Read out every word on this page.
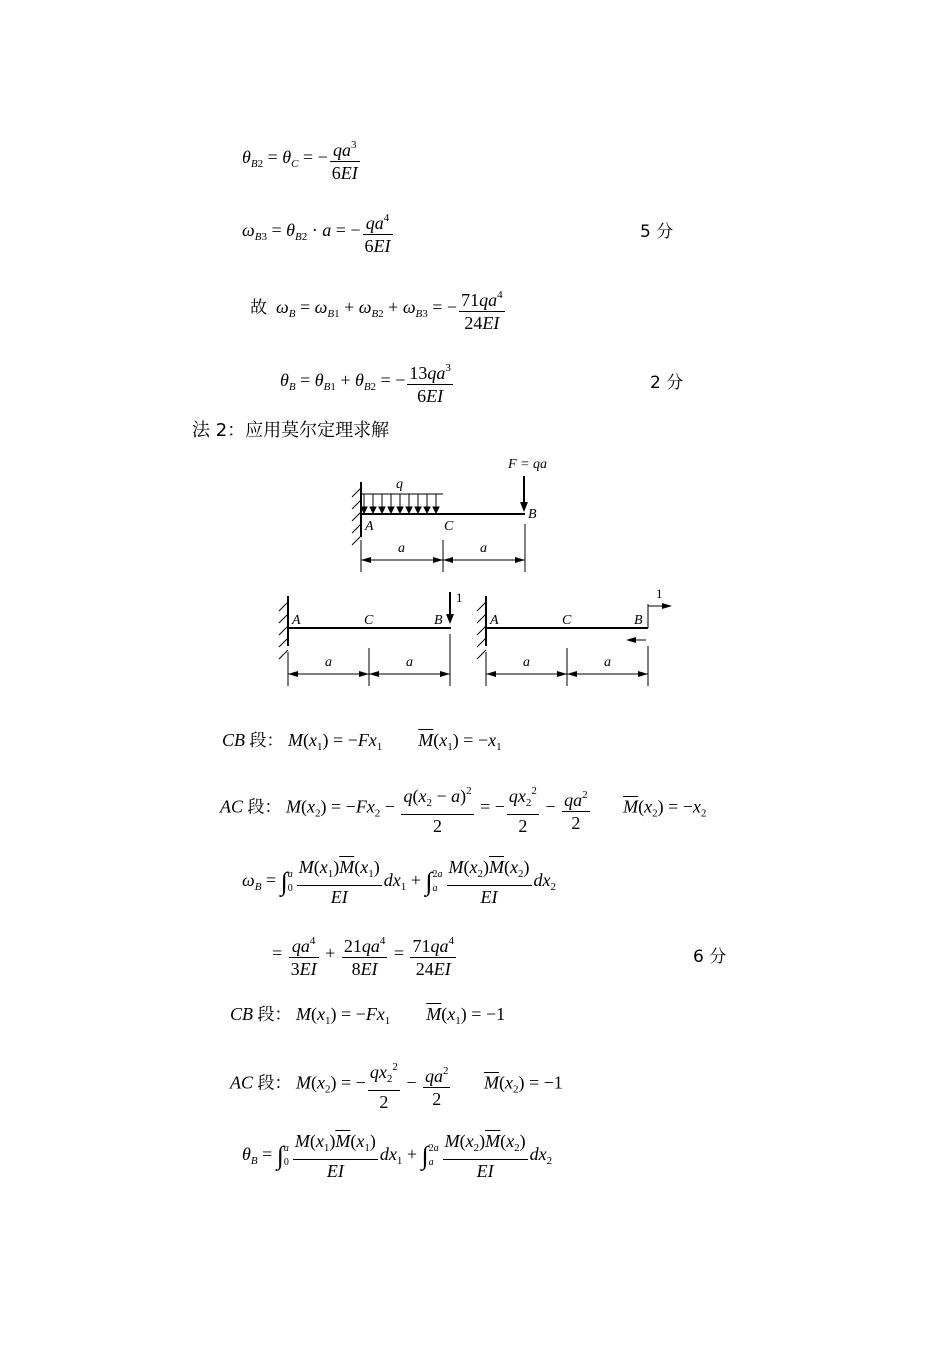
$\theta_{B2} = \theta_C$ = − $\frac{qa^3}{6EI}$
$\omega_{B3} = \theta_{B2} \cdot a$ = − $\frac{qa^4}{6EI}$	5 分
故 $\omega_B = \omega_{B1} + \omega_{B2} + \omega_{B3}$ = − $\frac{71qa^4}{24EI}$
$\theta_B = \theta_{B1} + \theta_{B2}$ = − $\frac{13qa^3}{6EI}$	2 分
法 2：应用莫尔定理求解
q
F = qa
A	C
B
a	a
1
A	C	B
a	a
1
A	C	B
a	a
CB 段： $M(x_1) = -Fx_1$ $\overline{M}(x_1) = -x_1$
AC 段： $M(x_2) = -Fx_2 - \frac{q(x_2 - a)^2}{2}$ = − $\frac{qx_2^2}{2} - \frac{qa^2}{2} \overline{M}(x_2) = -x_2$
$\omega_B = \int a$
$0 \frac{M(x_1)\overline{M}(x_1)}{EI} dx_1 + \int 2a$
a $\frac{M(x_2)\overline{M}(x_2)}{EI} dx_2$
= $\frac{qa^4}{3EI} + \frac{21qa^4}{8EI} = \frac{71qa^4}{24EI}$	6 分
CB 段： $M(x_1) = -Fx_1$ $\overline{M}(x_1) = -1$
AC 段： $M(x_2)$ = − $\frac{qx_2^2}{2} - \frac{qa^2}{2} \overline{M}(x_2) = -1$
$\theta_B = \int a$
$0 \frac{M(x_1)\overline{M}(x_1)}{EI} dx_1 + \int 2a$
a $\frac{M(x_2)\overline{M}(x_2)}{EI} dx_2$
